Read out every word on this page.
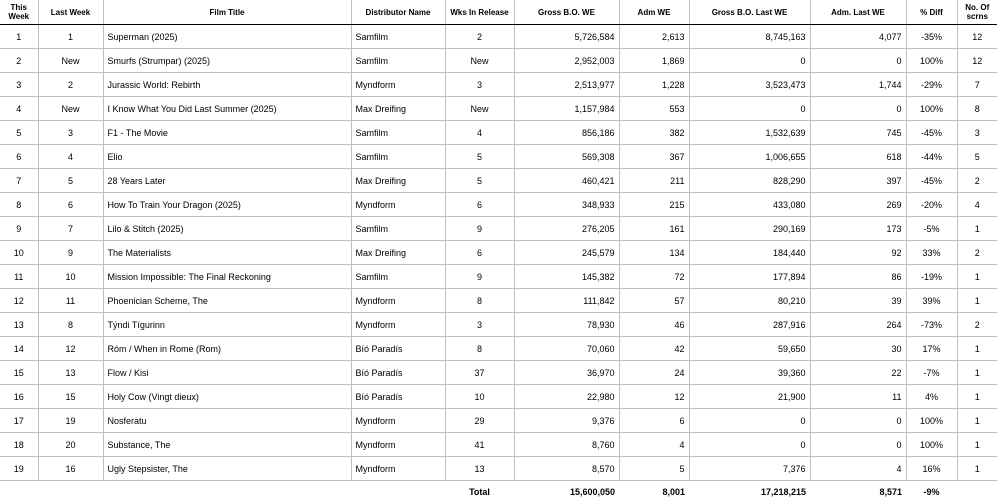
This Week	Last Week	Film Title	Distributor Name	Wks In Release	Gross B.O. WE	Adm WE	Gross B.O. Last WE	Adm. Last WE	% Diff	No. Of scrns
1	1	Superman (2025)	Samfilm	2	5,726,584	2,613	8,745,163	4,077	-35%	12
2	New	Smurfs (Strumpar) (2025)	Samfilm	New	2,952,003	1,869	0	0	100%	12
3	2	Jurassic World: Rebirth	Myndform	3	2,513,977	1,228	3,523,473	1,744	-29%	7
4	New	I Know What You Did Last Summer (2025)	Max Dreifing	New	1,157,984	553	0	0	100%	8
5	3	F1 - The Movie	Samfilm	4	856,186	382	1,532,639	745	-45%	3
6	4	Elio	Samfilm	5	569,308	367	1,006,655	618	-44%	5
7	5	28 Years Later	Max Dreifing	5	460,421	211	828,290	397	-45%	2
8	6	How To Train Your Dragon (2025)	Myndform	6	348,933	215	433,080	269	-20%	4
9	7	Lilo & Stitch (2025)	Samfilm	9	276,205	161	290,169	173	-5%	1
10	9	The Materialists	Max Dreifing	6	245,579	134	184,440	92	33%	2
11	10	Mission Impossible: The Final Reckoning	Samfilm	9	145,382	72	177,894	86	-19%	1
12	11	Phoenician Scheme, The	Myndform	8	111,842	57	80,210	39	39%	1
13	8	Týndi Tígurinn	Myndform	3	78,930	46	287,916	264	-73%	2
14	12	Róm / When in Rome (Rom)	Bíó Paradís	8	70,060	42	59,650	30	17%	1
15	13	Flow / Kisi	Bíó Paradís	37	36,970	24	39,360	22	-7%	1
16	15	Holy Cow (Vingt dieux)	Bíó Paradís	10	22,980	12	21,900	11	4%	1
17	19	Nosferatu	Myndform	29	9,376	6	0	0	100%	1
18	20	Substance, The	Myndform	41	8,760	4	0	0	100%	1
19	16	Ugly Stepsister, The	Myndform	13	8,570	5	7,376	4	16%	1
				Total	15,600,050	8,001	17,218,215	8,571	-9%	
